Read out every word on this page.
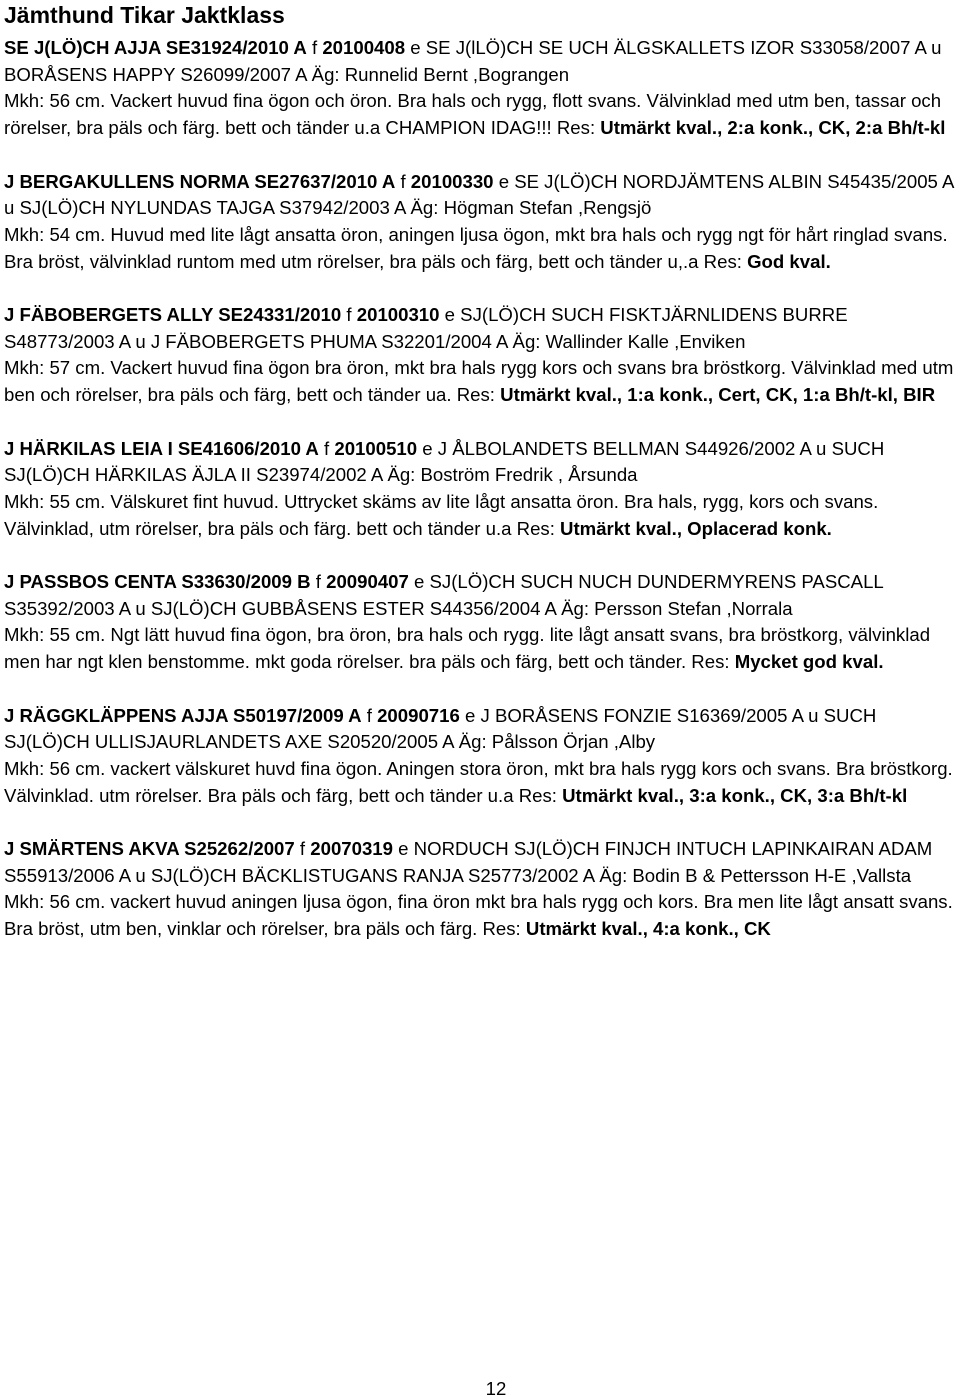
Jämthund Tikar Jaktklass

SE J(LÖ)CH AJJA SE31924/2010 A f 20100408 e SE J(lLÖ)CH SE UCH ÄLGSKALLETS IZOR S33058/2007 A u BORÅSENS HAPPY S26099/2007 A Äg: Runnelid Bernt ,Bograngen

Mkh: 56 cm. Vackert huvud fina ögon och öron. Bra hals och rygg, flott svans. Välvinklad med utm ben, tassar och rörelser, bra päls och färg. bett och tänder u.a CHAMPION IDAG!!! Res: Utmärkt kval., 2:a konk., CK, 2:a Bh/t-kl

J BERGAKULLENS NORMA SE27637/2010 A f 20100330 e SE J(LÖ)CH NORDJÄMTENS ALBIN S45435/2005 A u SJ(LÖ)CH NYLUNDAS TAJGA S37942/2003 A Äg: Högman Stefan ,Rengsjö

Mkh: 54 cm. Huvud med lite lågt ansatta öron, aningen ljusa ögon, mkt bra hals och rygg ngt för hårt ringlad svans. Bra bröst, välvinklad runtom med utm rörelser, bra päls och färg, bett och tänder u,.a Res: God kval.

J FÄBOBERGETS ALLY SE24331/2010 f 20100310 e SJ(LÖ)CH SUCH FISKTJÄRNLIDENS BURRE S48773/2003 A u J FÄBOBERGETS PHUMA S32201/2004 A Äg: Wallinder Kalle ,Enviken

Mkh: 57 cm. Vackert huvud fina ögon bra öron, mkt bra hals rygg kors och svans bra bröstkorg. Välvinklad med utm ben och rörelser, bra päls och färg, bett och tänder ua. Res: Utmärkt kval., 1:a konk., Cert, CK, 1:a Bh/t-kl, BIR

J HÄRKILAS LEIA I SE41606/2010 A f 20100510 e J ÅLBOLANDETS BELLMAN S44926/2002 A u SUCH SJ(LÖ)CH HÄRKILAS ÄJLA II S23974/2002 A Äg: Boström Fredrik , Årsunda

Mkh: 55 cm. Välskuret fint huvud. Uttrycket skäms av lite lågt ansatta öron. Bra hals, rygg, kors och svans. Välvinklad, utm rörelser, bra päls och färg. bett och tänder u.a Res: Utmärkt kval., Oplacerad konk.

J PASSBOS CENTA S33630/2009 B f 20090407 e SJ(LÖ)CH SUCH NUCH DUNDERMYRENS PASCALL S35392/2003 A u SJ(LÖ)CH GUBBÅSENS ESTER S44356/2004 A Äg: Persson Stefan ,Norrala

Mkh: 55 cm. Ngt lätt huvud fina ögon, bra öron, bra hals och rygg. lite lågt ansatt svans, bra bröstkorg, välvinklad men har ngt klen benstomme. mkt goda rörelser. bra päls och färg, bett och tänder. Res: Mycket god kval.

J RÄGGKLÄPPENS AJJA S50197/2009 A f 20090716 e J BORÅSENS FONZIE S16369/2005 A u SUCH SJ(LÖ)CH ULLISJAURLANDETS AXE S20520/2005 A Äg: Pålsson Örjan ,Alby

Mkh: 56 cm. vackert välskuret huvd fina ögon. Aningen stora öron, mkt bra hals rygg kors och svans. Bra bröstkorg. Välvinklad. utm rörelser. Bra päls och färg, bett och tänder u.a Res: Utmärkt kval., 3:a konk., CK, 3:a Bh/t-kl

J SMÄRTENS AKVA S25262/2007 f 20070319 e NORDUCH SJ(LÖ)CH FINJCH INTUCH LAPINKAIRAN ADAM S55913/2006 A u SJ(LÖ)CH BÄCKLISTUGANS RANJA S25773/2002 A Äg: Bodin B & Pettersson H-E ,Vallsta

Mkh: 56 cm. vackert huvud aningen ljusa ögon, fina öron mkt bra hals rygg och kors. Bra men lite lågt ansatt svans. Bra bröst, utm ben, vinklar och rörelser, bra päls och färg. Res: Utmärkt kval., 4:a konk., CK

12
